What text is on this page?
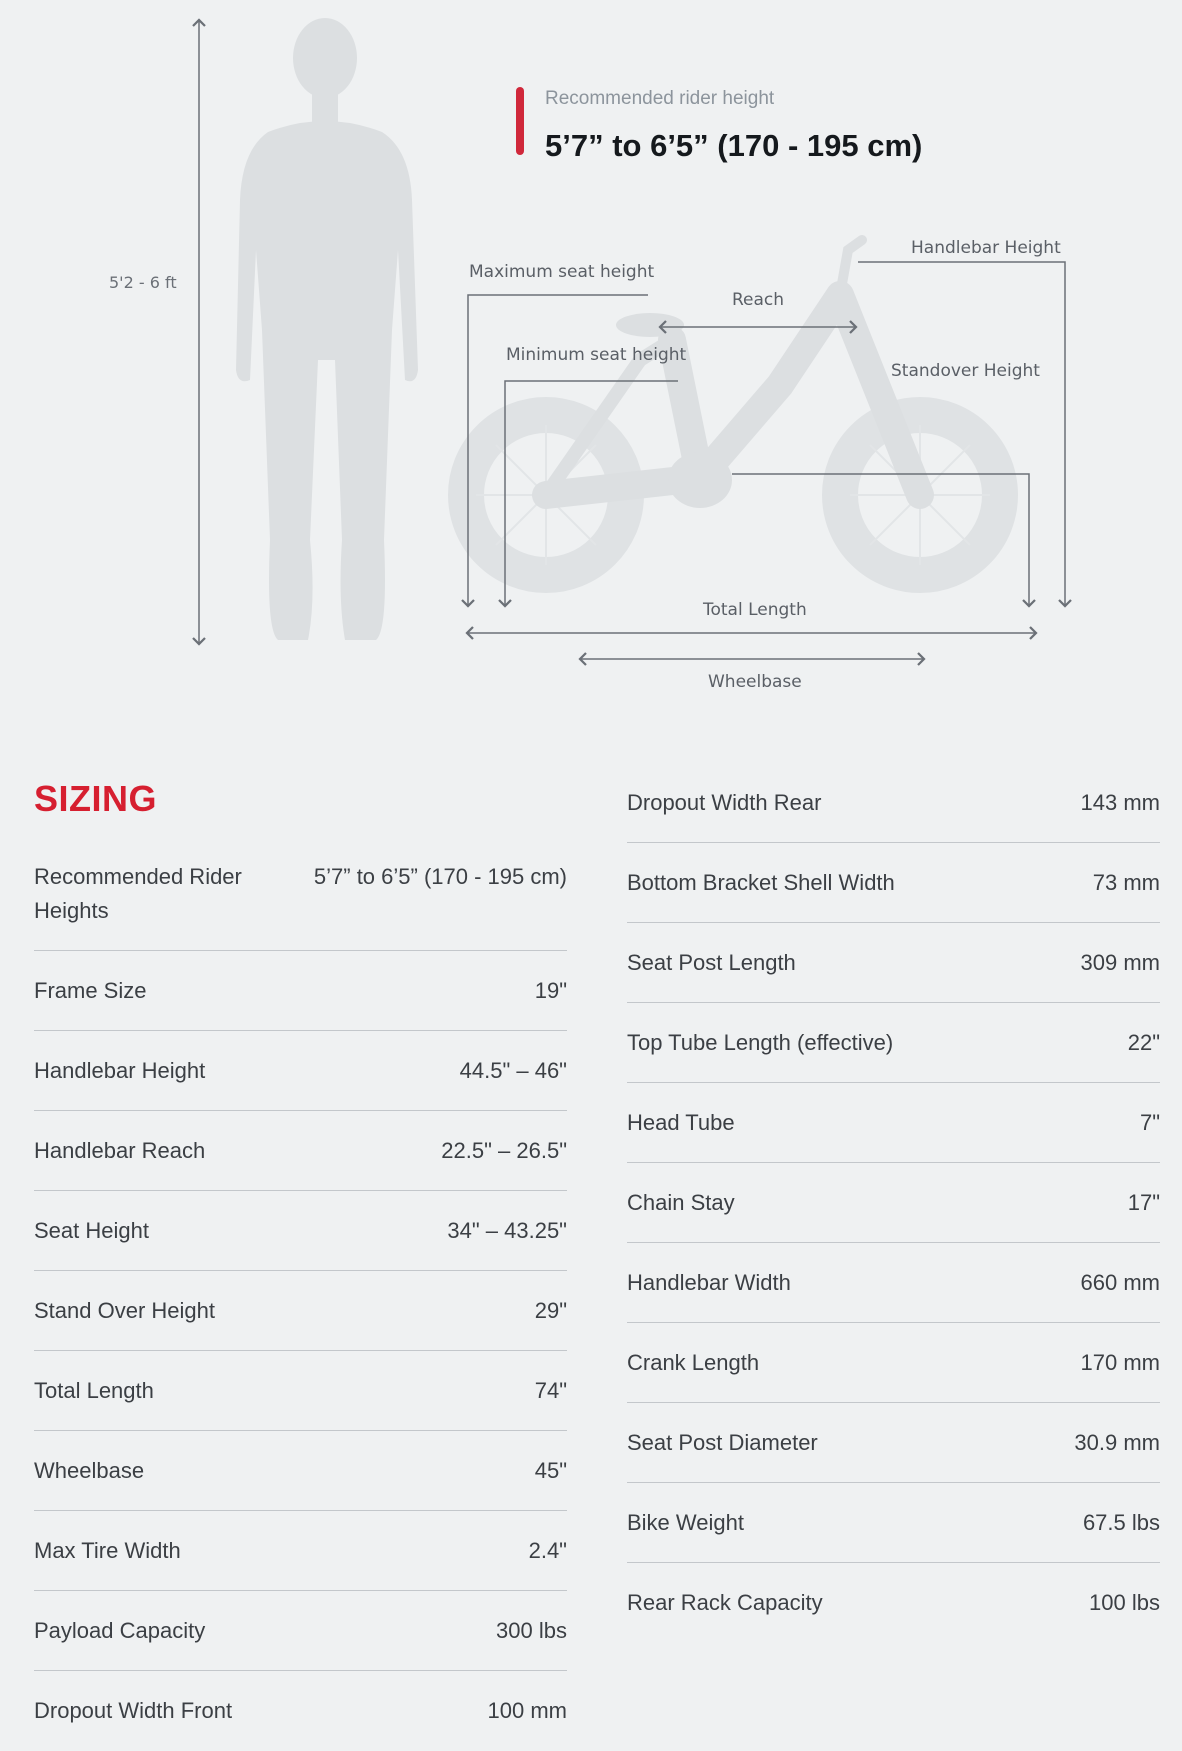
5'2 - 6 ft
Recommended rider height
5’7” to 6’5” (170 - 195 cm)
Maximum seat height
Minimum seat height
Reach
Handlebar Height
Standover Height
Total Length
Wheelbase
SIZING
Recommended Rider Heights
5’7” to 6’5” (170 - 195 cm)
Frame Size	19"
Handlebar Height	44.5" – 46"
Handlebar Reach	22.5" – 26.5"
Seat Height	34" – 43.25"
Stand Over Height	29"
Total Length	74"
Wheelbase	45"
Max Tire Width	2.4"
Payload Capacity	300 lbs
Dropout Width Front	100 mm
Dropout Width Rear	143 mm
Bottom Bracket Shell Width	73 mm
Seat Post Length	309 mm
Top Tube Length (effective)	22"
Head Tube	7"
Chain Stay	17"
Handlebar Width	660 mm
Crank Length	170 mm
Seat Post Diameter	30.9 mm
Bike Weight	67.5 lbs
Rear Rack Capacity	100 lbs
